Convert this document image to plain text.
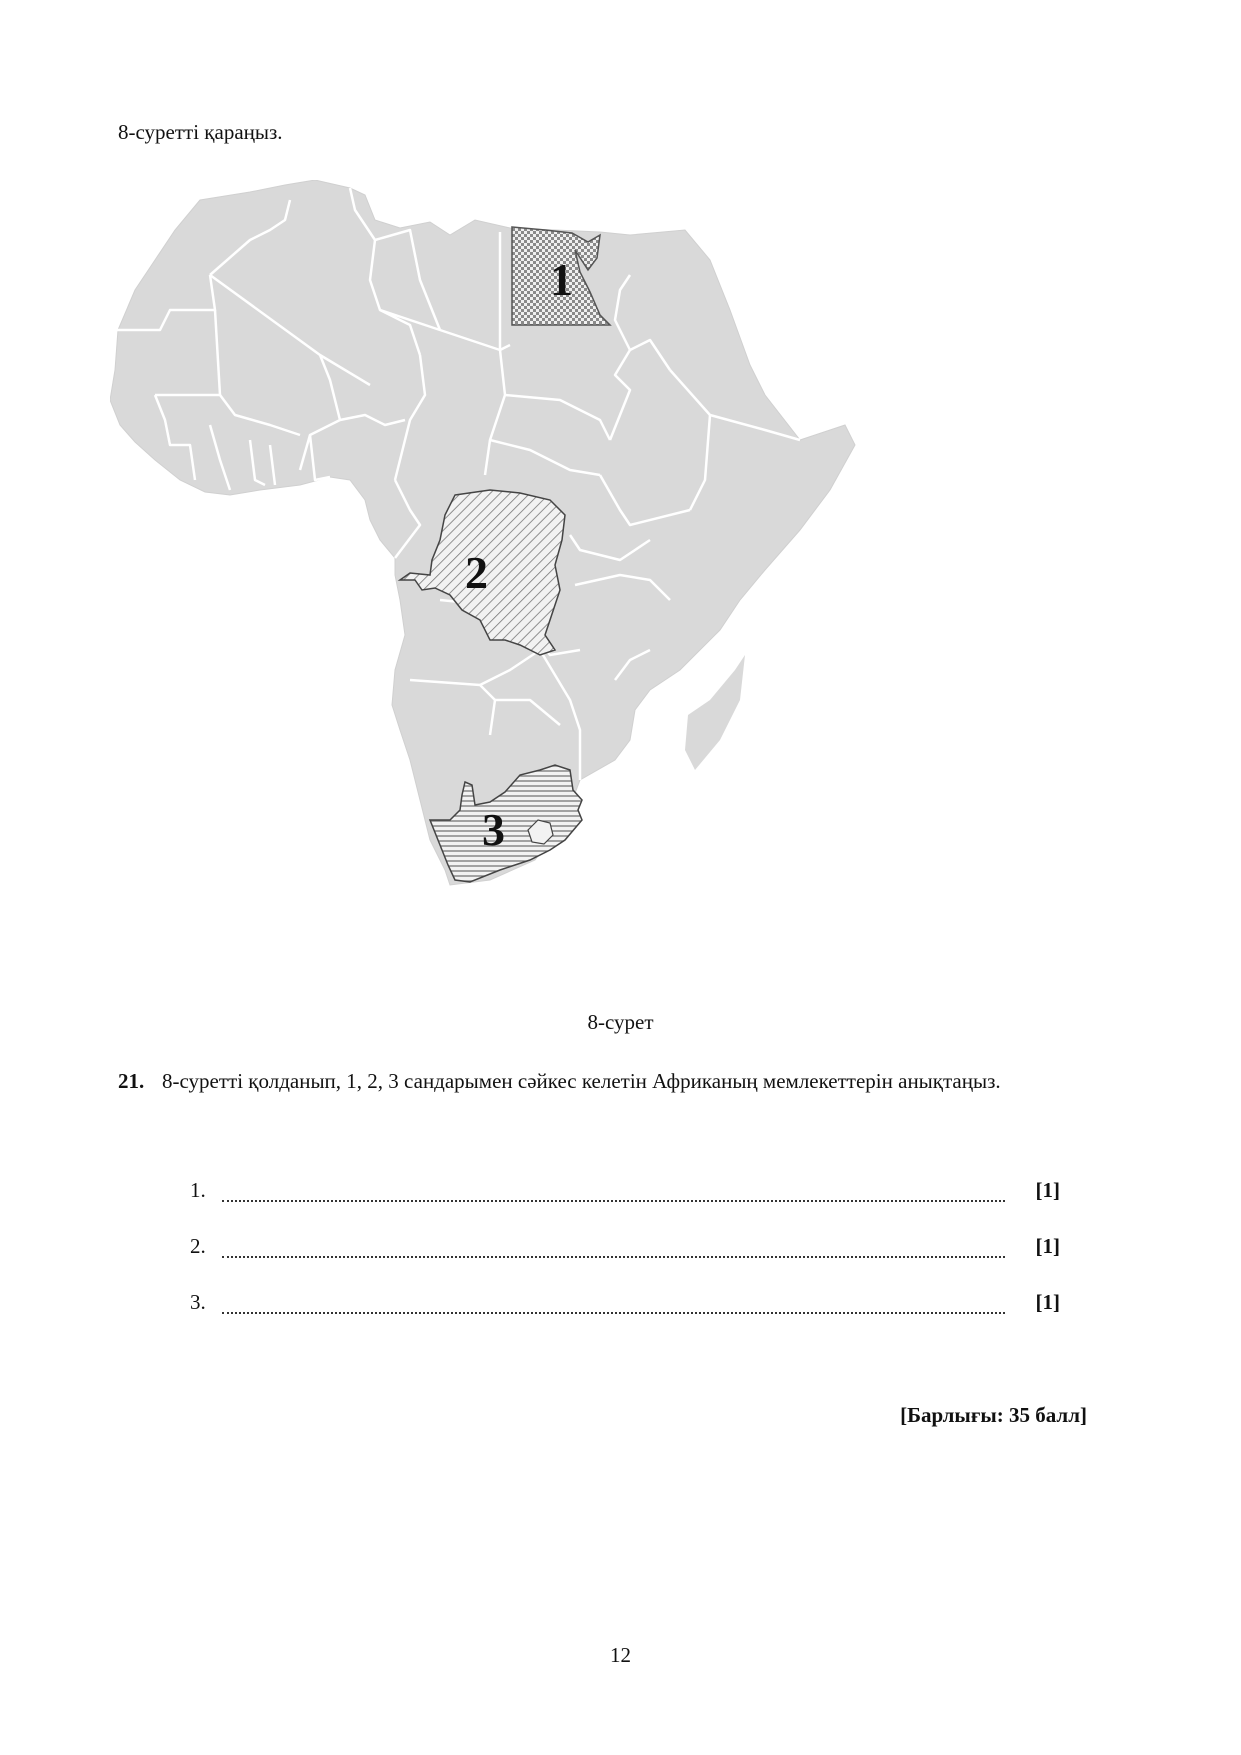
8-суретті қараңыз.
1
2
3
8-сурет
21. 8-суретті қолданып, 1, 2, 3 сандарымен сәйкес келетін Африканың мемлекеттерін анықтаңыз.
1.	[1]
2.	[1]
3.	[1]
[Барлығы: 35 балл]
12
